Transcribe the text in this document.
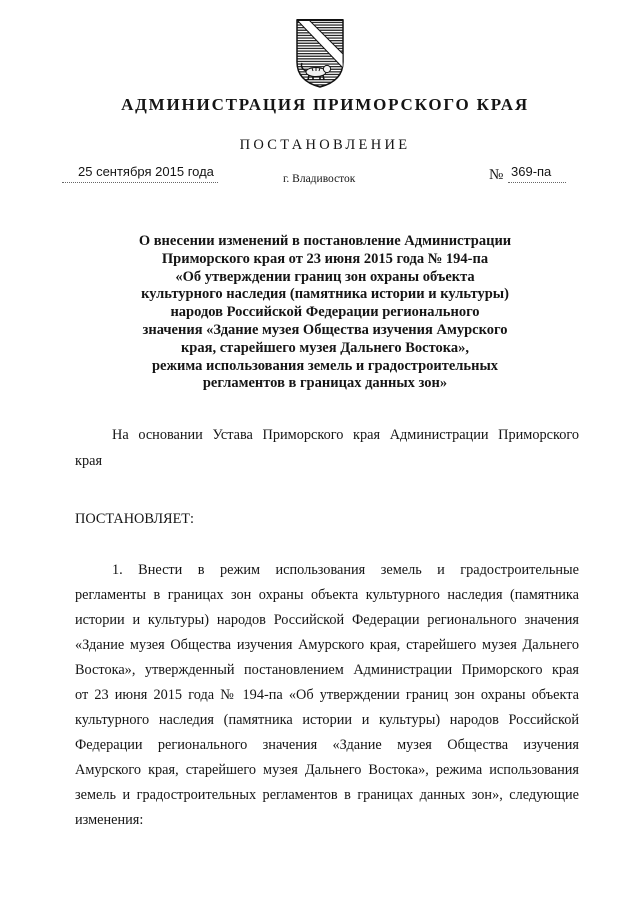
АДМИНИСТРАЦИЯ ПРИМОРСКОГО КРАЯ
ПОСТАНОВЛЕНИЕ
25 сентября 2015 года	г. Владивосток	№ 369-па
О внесении изменений в постановление Администрации
Приморского края от 23 июня 2015 года № 194-па
«Об утверждении границ зон охраны объекта
культурного наследия (памятника истории и культуры)
народов Российской Федерации регионального
значения «Здание музея Общества изучения Амурского
края, старейшего музея Дальнего Востока»,
режима использования земель и градостроительных
регламентов в границах данных зон»
На основании Устава Приморского края Администрации Приморского
края
ПОСТАНОВЛЯЕТ:
1. Внести в режим использования земель и градостроительные
регламенты в границах зон охраны объекта культурного наследия (памятника
истории и культуры) народов Российской Федерации регионального значения
«Здание музея Общества изучения Амурского края, старейшего музея Дальнего
Востока», утвержденный постановлением Администрации Приморского края
от 23 июня 2015 года № 194-па «Об утверждении границ зон охраны объекта
культурного наследия (памятника истории и культуры) народов Российской
Федерации регионального значения «Здание музея Общества изучения
Амурского края, старейшего музея Дальнего Востока», режима использования
земель и градостроительных регламентов в границах данных зон», следующие
изменения:
